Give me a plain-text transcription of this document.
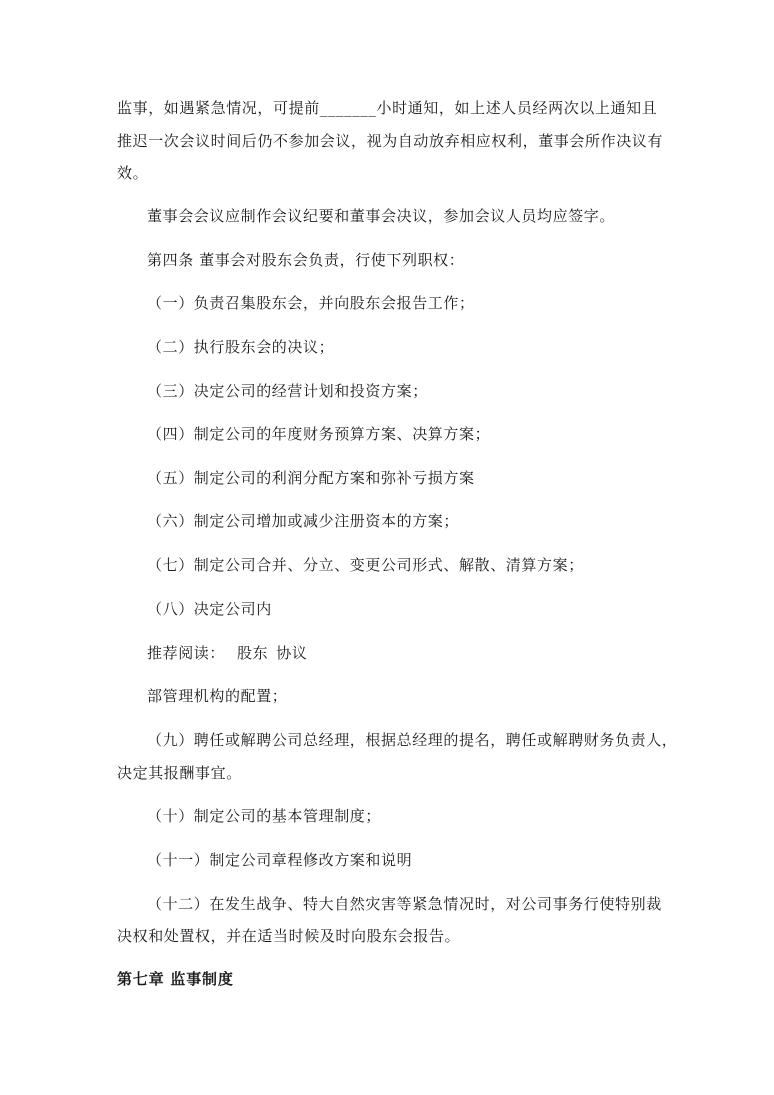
监事，如遇紧急情况，可提前_______小时通知，如上述人员经两次以上通知且
推迟一次会议时间后仍不参加会议，视为自动放弃相应权利，董事会所作决议有
效。
董事会会议应制作会议纪要和董事会决议，参加会议人员均应签字。
第四条 董事会对股东会负责，行使下列职权：
（一）负责召集股东会，并向股东会报告工作；
（二）执行股东会的决议；
（三）决定公司的经营计划和投资方案；
（四）制定公司的年度财务预算方案、决算方案；
（五）制定公司的利润分配方案和弥补亏损方案
（六）制定公司增加或减少注册资本的方案；
（七）制定公司合并、分立、变更公司形式、解散、清算方案；
（八）决定公司内
推荐阅读： 股东 协议
部管理机构的配置；
（九）聘任或解聘公司总经理，根据总经理的提名，聘任或解聘财务负责人，
决定其报酬事宜。
（十）制定公司的基本管理制度；
（十一）制定公司章程修改方案和说明
（十二）在发生战争、特大自然灾害等紧急情况时，对公司事务行使特别裁
决权和处置权，并在适当时候及时向股东会报告。
第七章 监事制度
